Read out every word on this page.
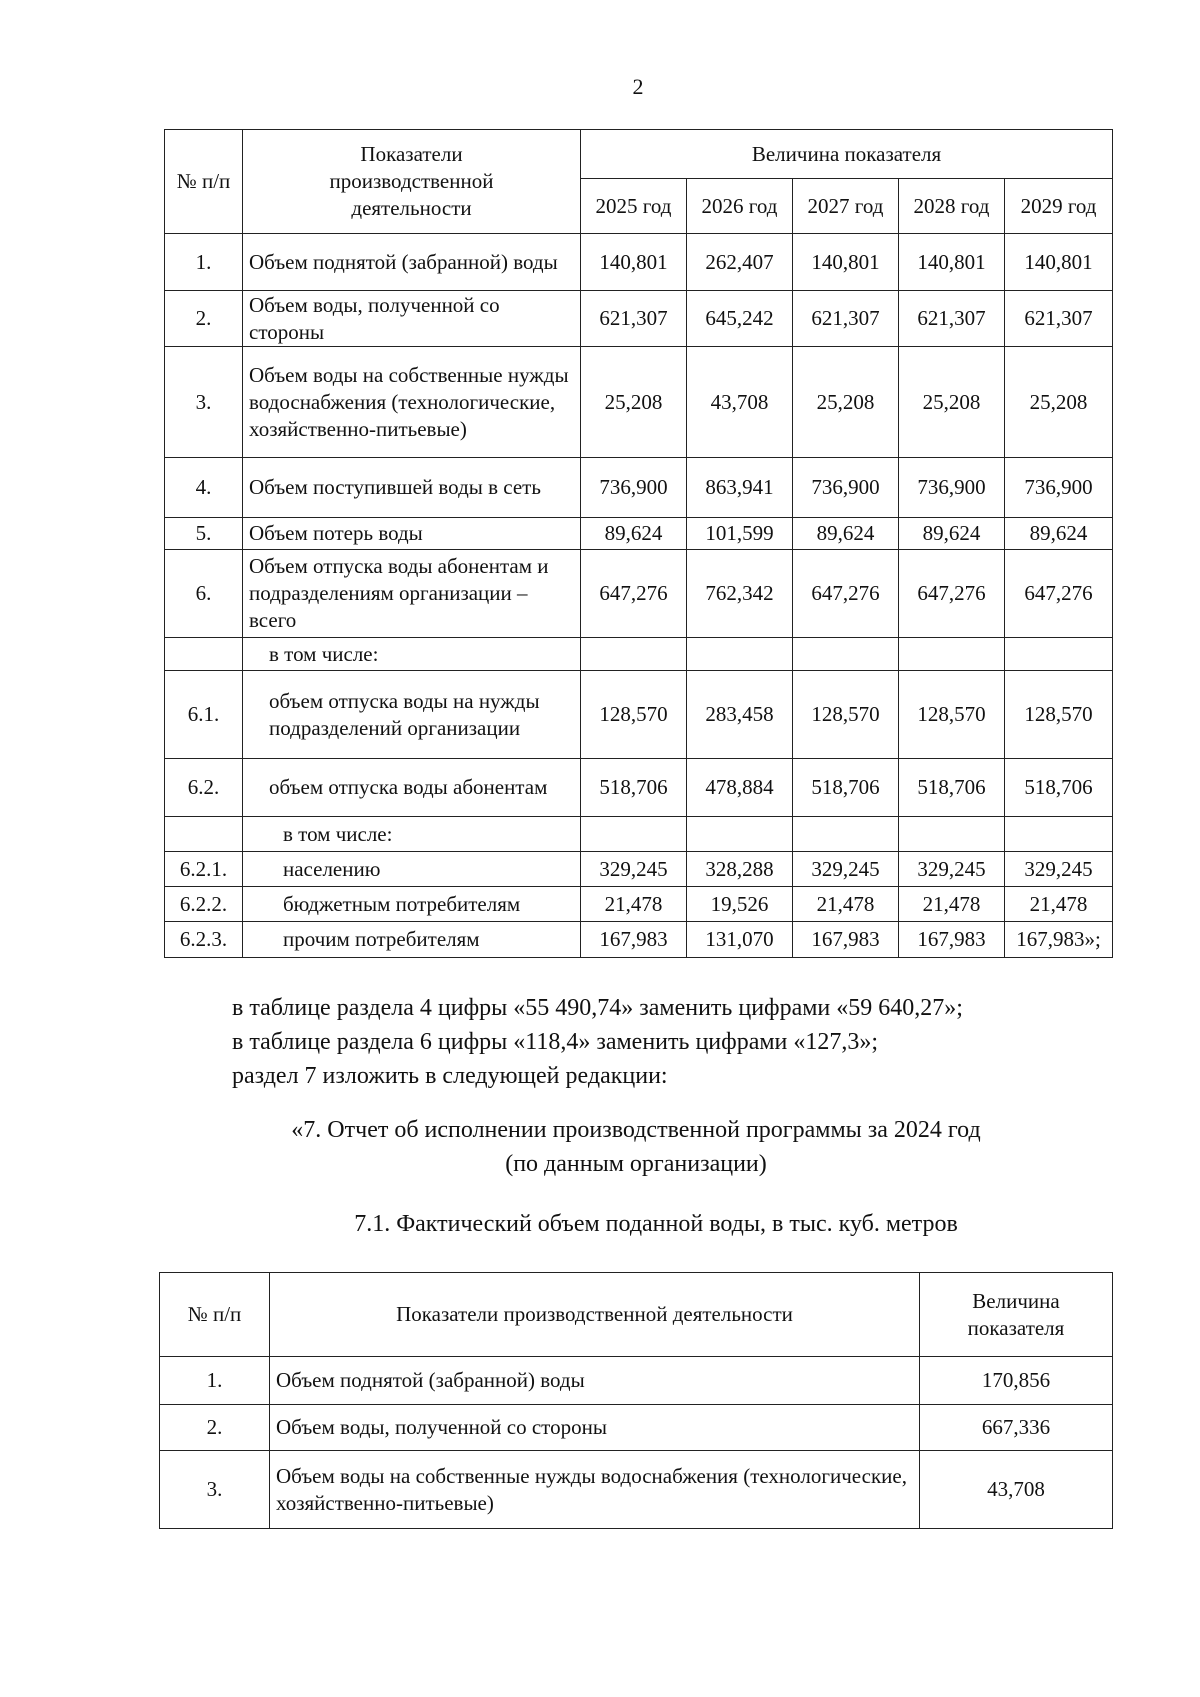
2
№ п/п	Показатели производственной деятельности	Величина показателя				
		2025 год	2026 год	2027 год	2028 год	2029 год
1.	Объем поднятой (забранной) воды	140,801	262,407	140,801	140,801	140,801
2.	Объем воды, полученной со стороны	621,307	645,242	621,307	621,307	621,307
3.	Объем воды на собственные нужды водоснабжения (технологические, хозяйственно-питьевые)	25,208	43,708	25,208	25,208	25,208
4.	Объем поступившей воды в сеть	736,900	863,941	736,900	736,900	736,900
5.	Объем потерь воды	89,624	101,599	89,624	89,624	89,624
6.	Объем отпуска воды абонентам и подразделениям организации – всего	647,276	762,342	647,276	647,276	647,276
	в том числе:					
6.1.	объем отпуска воды на нужды подразделений организации	128,570	283,458	128,570	128,570	128,570
6.2.	объем отпуска воды абонентам	518,706	478,884	518,706	518,706	518,706
	в том числе:					
6.2.1.	населению	329,245	328,288	329,245	329,245	329,245
6.2.2.	бюджетным потребителям	21,478	19,526	21,478	21,478	21,478
6.2.3.	прочим потребителям	167,983	131,070	167,983	167,983	167,983»;
в таблице раздела 4 цифры «55 490,74» заменить цифрами «59 640,27»;
в таблице раздела 6 цифры «118,4» заменить цифрами «127,3»;
раздел 7 изложить в следующей редакции:
«7. Отчет об исполнении производственной программы за 2024 год
(по данным организации)
7.1. Фактический объем поданной воды, в тыс. куб. метров
№ п/п	Показатели производственной деятельности	Величина показателя
1.	Объем поднятой (забранной) воды	170,856
2.	Объем воды, полученной со стороны	667,336
3.	Объем воды на собственные нужды водоснабжения (технологические, хозяйственно-питьевые)	43,708
